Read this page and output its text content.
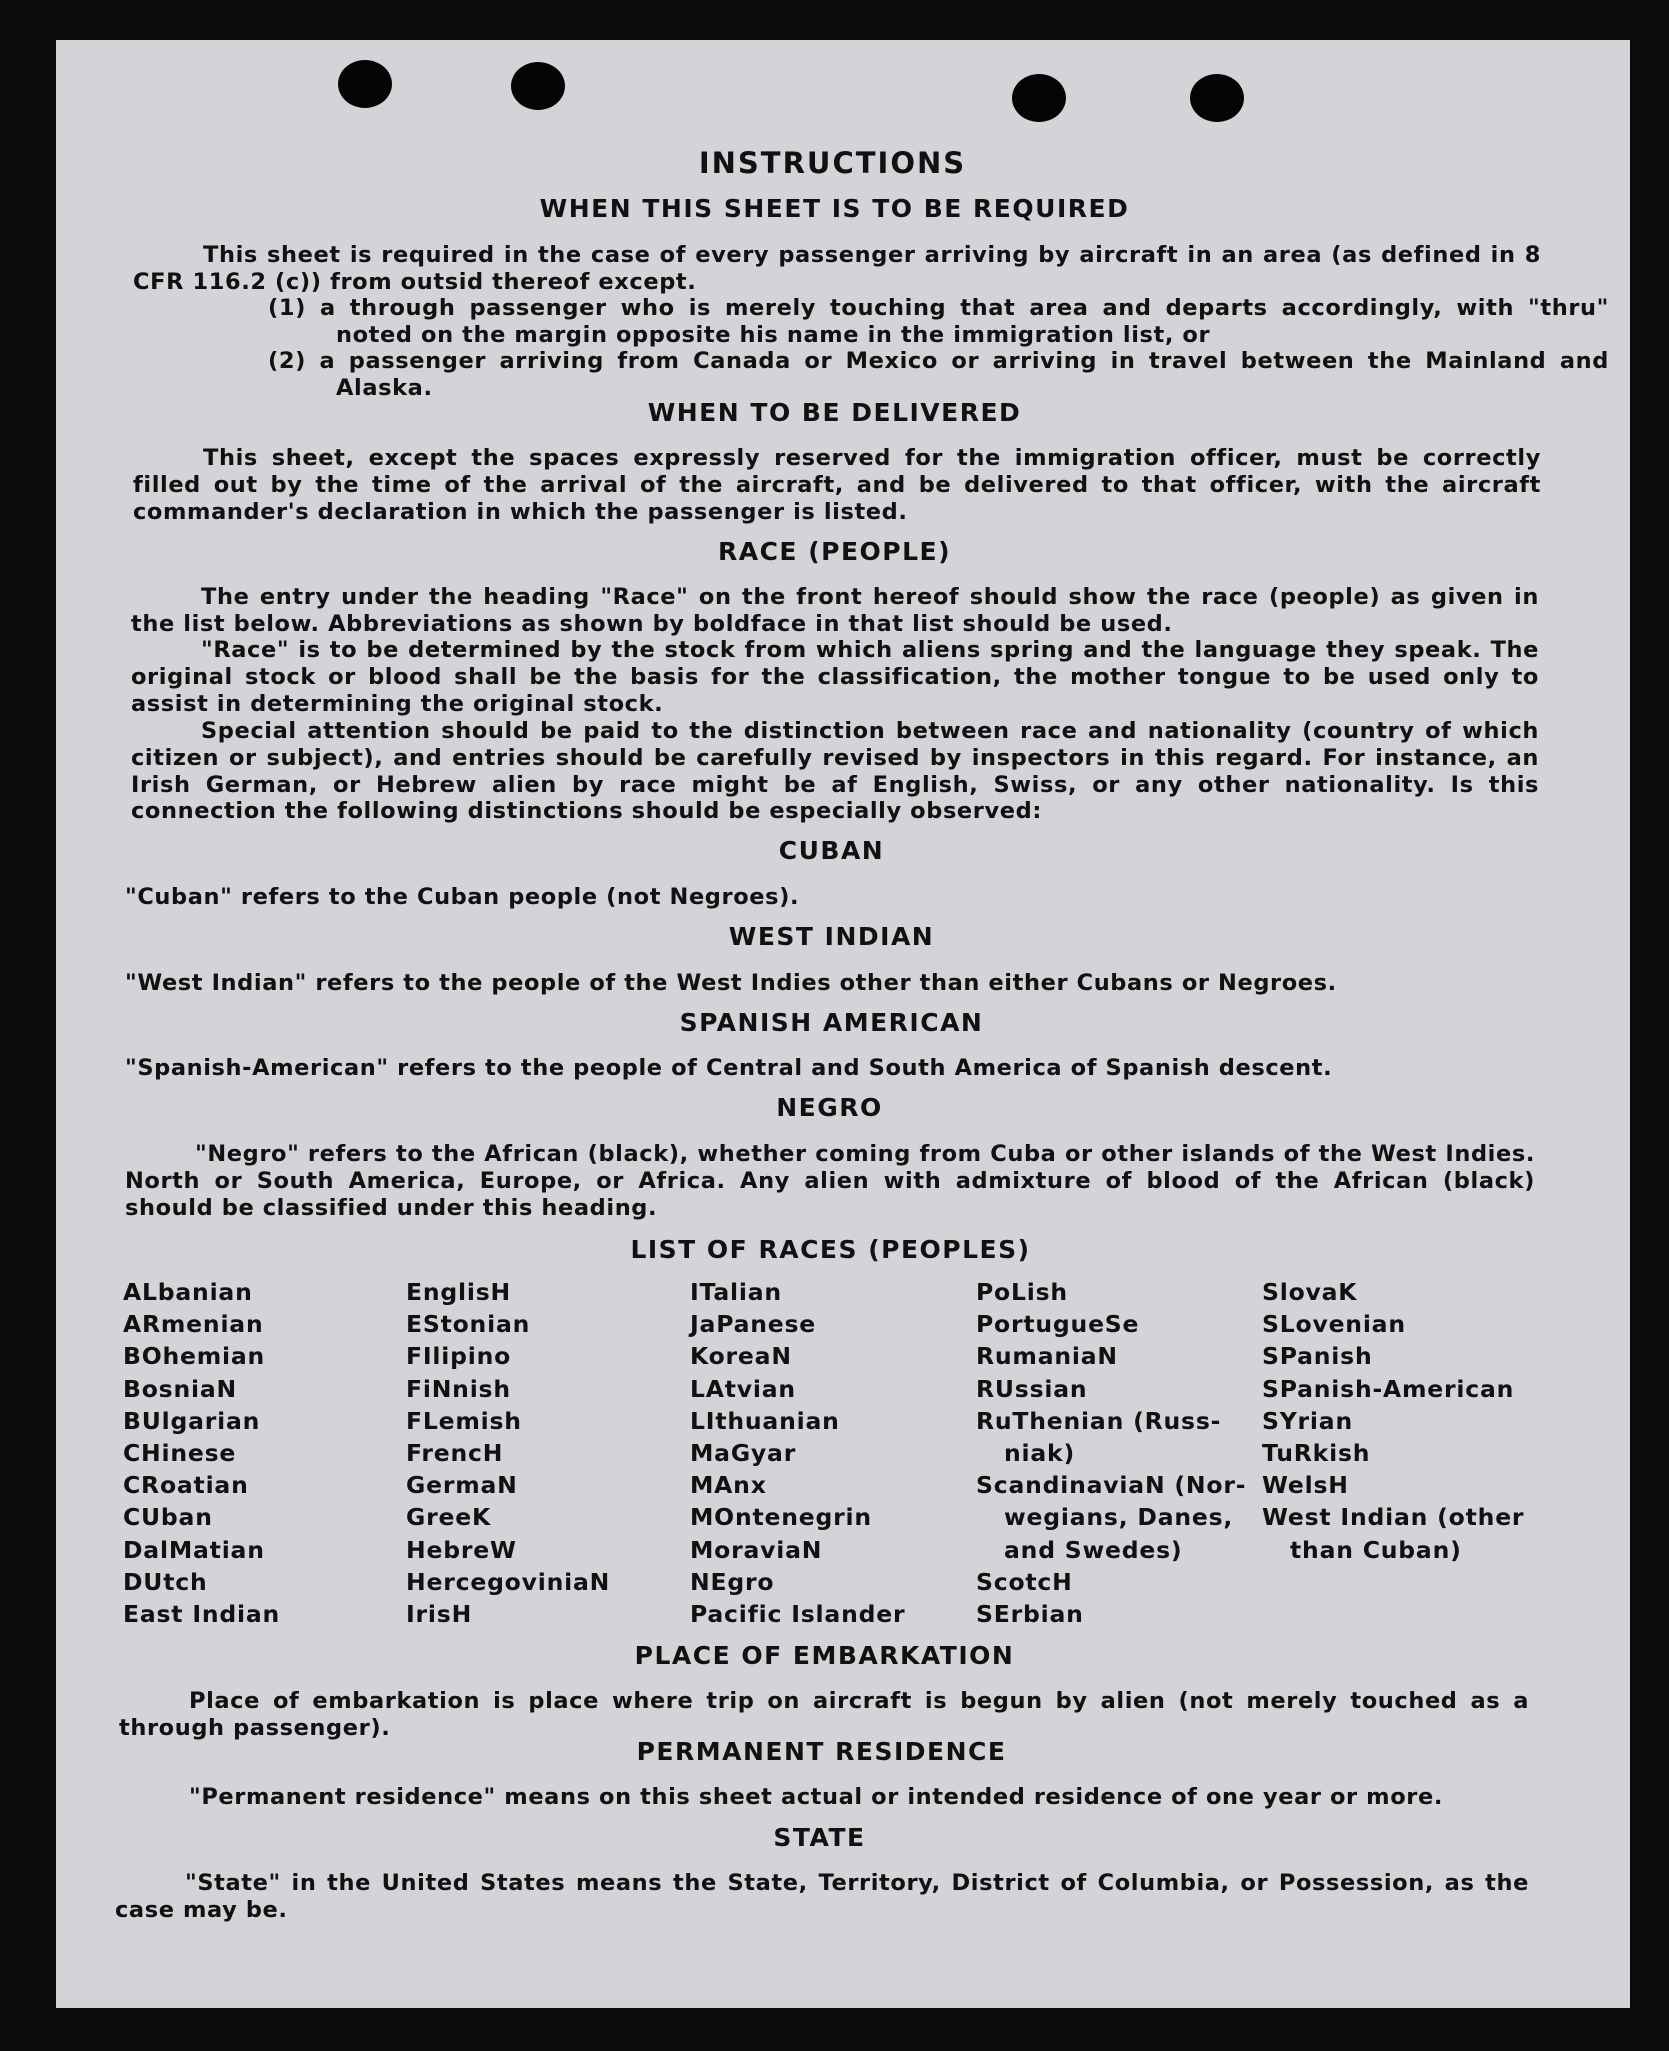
INSTRUCTIONS
WHEN THIS SHEET IS TO BE REQUIRED
This sheet is required in the case of every passenger arriving by aircraft in an area (as defined in 8 CFR 116.2 (c)) from outsid thereof except.
(1) a through passenger who is merely touching that area and departs accordingly, with "thru" noted on the margin opposite his name in the immigration list, or
(2) a passenger arriving from Canada or Mexico or arriving in travel between the Mainland and Alaska.
WHEN TO BE DELIVERED
This sheet, except the spaces expressly reserved for the immigration officer, must be correctly filled out by the time of the arrival of the aircraft, and be delivered to that officer, with the aircraft commander's declaration in which the passenger is listed.
RACE (PEOPLE)
The entry under the heading "Race" on the front hereof should show the race (people) as given in the list below. Abbreviations as shown by boldface in that list should be used.
"Race" is to be determined by the stock from which aliens spring and the language they speak. The original stock or blood shall be the basis for the classification, the mother tongue to be used only to assist in determining the original stock.
Special attention should be paid to the distinction between race and nationality (country of which citizen or subject), and entries should be carefully revised by inspectors in this regard. For instance, an Irish German, or Hebrew alien by race might be af English, Swiss, or any other nationality. Is this connection the following distinctions should be especially observed:
CUBAN
"Cuban" refers to the Cuban people (not Negroes).
WEST INDIAN
"West Indian" refers to the people of the West Indies other than either Cubans or Negroes.
SPANISH AMERICAN
"Spanish-American" refers to the people of Central and South America of Spanish descent.
NEGRO
"Negro" refers to the African (black), whether coming from Cuba or other islands of the West Indies. North or South America, Europe, or Africa. Any alien with admixture of blood of the African (black) should be classified under this heading.
LIST OF RACES (PEOPLES)
ALbanian
ARmenian
BOhemian
BosniaN
BUlgarian
CHinese
CRoatian
CUban
DalMatian
DUtch
East Indian
EnglisH
EStonian
FIlipino
FiNnish
FLemish
FrencH
GermaN
GreeK
HebreW
HercegoviniaN
IrisH
ITalian
JaPanese
KoreaN
LAtvian
LIthuanian
MaGyar
MAnx
MOntenegrin
MoraviaN
NEgro
Pacific Islander
PoLish
PortugueSe
RumaniaN
RUssian
RuThenian (Russ-
niak)
ScandinaviaN (Nor-
wegians, Danes,
and Swedes)
ScotcH
SErbian
SlovaK
SLovenian
SPanish
SPanish-American
SYrian
TuRkish
WelsH
West Indian (other
than Cuban)
PLACE OF EMBARKATION
Place of embarkation is place where trip on aircraft is begun by alien (not merely touched as a through passenger).
PERMANENT RESIDENCE
"Permanent residence" means on this sheet actual or intended residence of one year or more.
STATE
"State" in the United States means the State, Territory, District of Columbia, or Possession, as the case may be.
